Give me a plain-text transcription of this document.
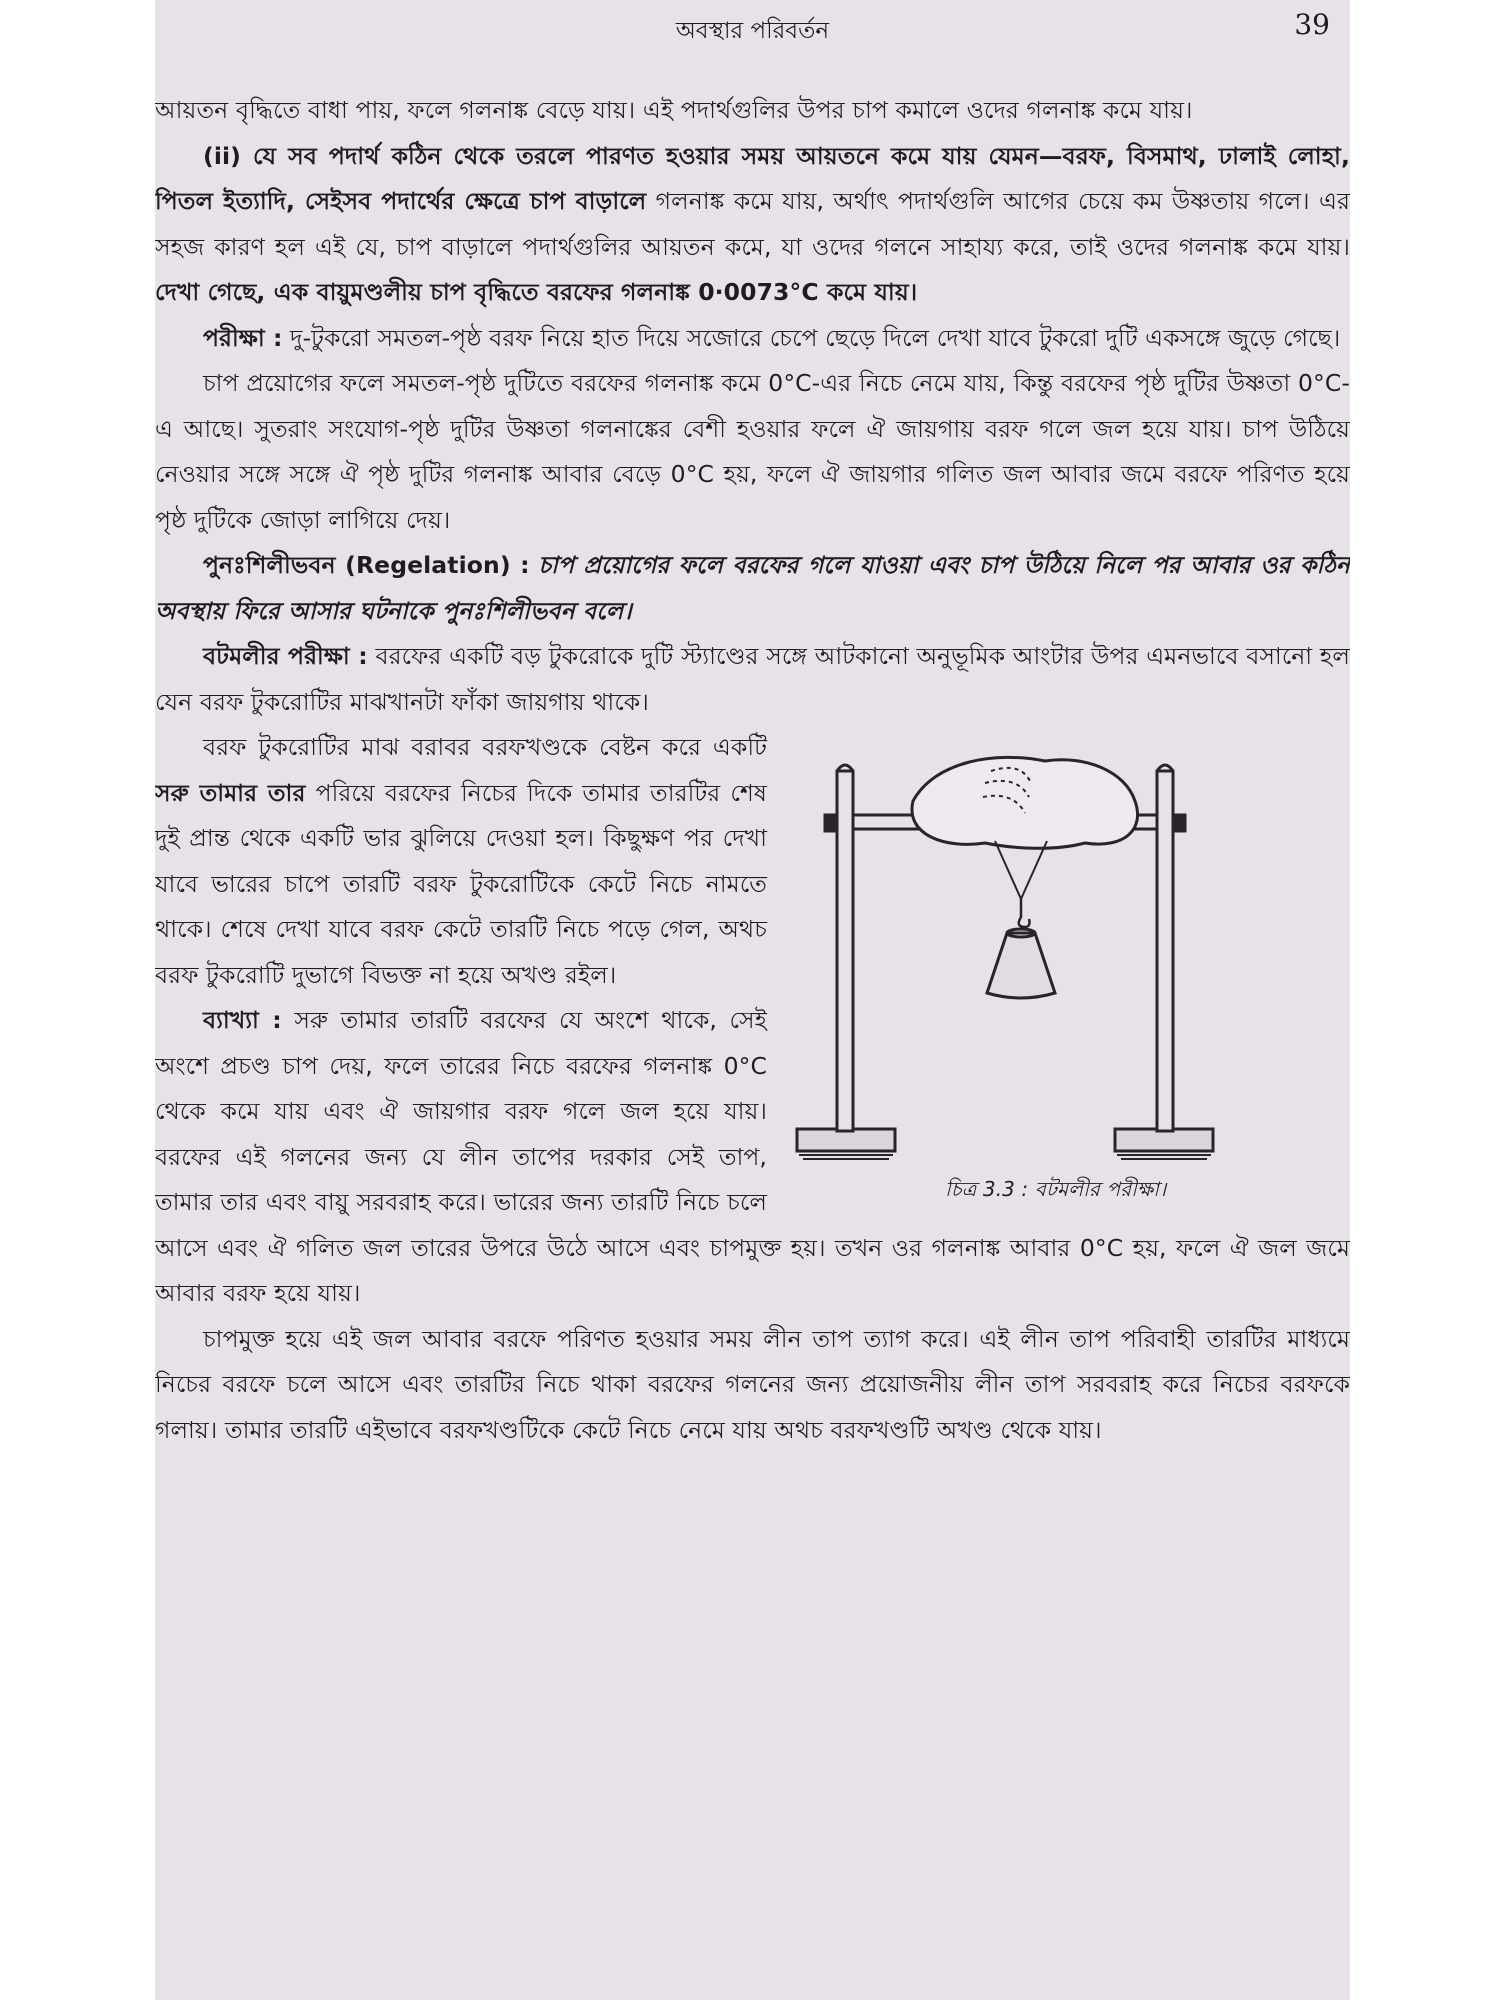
অবস্থার পরিবর্তন	39

আয়তন বৃদ্ধিতে বাধা পায়, ফলে গলনাঙ্ক বেড়ে যায়। এই পদার্থগুলির উপর চাপ কমালে ওদের গলনাঙ্ক কমে যায়।

(ii) যে সব পদার্থ কঠিন থেকে তরলে পারণত হওয়ার সময় আয়তনে কমে যায় যেমন—বরফ, বিসমাথ, ঢালাই লোহা, পিতল ইত্যাদি, সেইসব পদার্থের ক্ষেত্রে চাপ বাড়ালে গলনাঙ্ক কমে যায়, অর্থাৎ পদার্থগুলি আগের চেয়ে কম উষ্ণতায় গলে। এর সহজ কারণ হল এই যে, চাপ বাড়ালে পদার্থগুলির আয়তন কমে, যা ওদের গলনে সাহায্য করে, তাই ওদের গলনাঙ্ক কমে যায়। দেখা গেছে, এক বায়ুমণ্ডলীয় চাপ বৃদ্ধিতে বরফের গলনাঙ্ক 0·0073°C কমে যায়।

পরীক্ষা : দু-টুকরো সমতল-পৃষ্ঠ বরফ নিয়ে হাত দিয়ে সজোরে চেপে ছেড়ে দিলে দেখা যাবে টুকরো দুটি একসঙ্গে জুড়ে গেছে।

চাপ প্রয়োগের ফলে সমতল-পৃষ্ঠ দুটিতে বরফের গলনাঙ্ক কমে 0°C-এর নিচে নেমে যায়, কিন্তু বরফের পৃষ্ঠ দুটির উষ্ণতা 0°C-এ আছে। সুতরাং সংযোগ-পৃষ্ঠ দুটির উষ্ণতা গলনাঙ্কের বেশী হওয়ার ফলে ঐ জায়গায় বরফ গলে জল হয়ে যায়। চাপ উঠিয়ে নেওয়ার সঙ্গে সঙ্গে ঐ পৃষ্ঠ দুটির গলনাঙ্ক আবার বেড়ে 0°C হয়, ফলে ঐ জায়গার গলিত জল আবার জমে বরফে পরিণত হয়ে পৃষ্ঠ দুটিকে জোড়া লাগিয়ে দেয়।

পুনঃশিলীভবন (Regelation) : চাপ প্রয়োগের ফলে বরফের গলে যাওয়া এবং চাপ উঠিয়ে নিলে পর আবার ওর কঠিন অবস্থায় ফিরে আসার ঘটনাকে পুনঃশিলীভবন বলে।

বটমলীর পরীক্ষা : বরফের একটি বড় টুকরোকে দুটি স্ট্যাণ্ডের সঙ্গে আটকানো অনুভূমিক আংটার উপর এমনভাবে বসানো হল যেন বরফ টুকরোটির মাঝখানটা ফাঁকা জায়গায় থাকে।

চিত্র 3.3 : বটমলীর পরীক্ষা।

বরফ টুকরোটির মাঝ বরাবর বরফখণ্ডকে বেষ্টন করে একটি সরু তামার তার পরিয়ে বরফের নিচের দিকে তামার তারটির শেষ দুই প্রান্ত থেকে একটি ভার ঝুলিয়ে দেওয়া হল। কিছুক্ষণ পর দেখা যাবে ভারের চাপে তারটি বরফ টুকরোটিকে কেটে নিচে নামতে থাকে। শেষে দেখা যাবে বরফ কেটে তারটি নিচে পড়ে গেল, অথচ বরফ টুকরোটি দুভাগে বিভক্ত না হয়ে অখণ্ড রইল।

ব্যাখ্যা : সরু তামার তারটি বরফের যে অংশে থাকে, সেই অংশে প্রচণ্ড চাপ দেয়, ফলে তারের নিচে বরফের গলনাঙ্ক 0°C থেকে কমে যায় এবং ঐ জায়গার বরফ গলে জল হয়ে যায়। বরফের এই গলনের জন্য যে লীন তাপের দরকার সেই তাপ, তামার তার এবং বায়ু সরবরাহ করে। ভারের জন্য তারটি নিচে চলে আসে এবং ঐ গলিত জল তারের উপরে উঠে আসে এবং চাপমুক্ত হয়। তখন ওর গলনাঙ্ক আবার 0°C হয়, ফলে ঐ জল জমে আবার বরফ হয়ে যায়।

চাপমুক্ত হয়ে এই জল আবার বরফে পরিণত হওয়ার সময় লীন তাপ ত্যাগ করে। এই লীন তাপ পরিবাহী তারটির মাধ্যমে নিচের বরফে চলে আসে এবং তারটির নিচে থাকা বরফের গলনের জন্য প্রয়োজনীয় লীন তাপ সরবরাহ করে নিচের বরফকে গলায়। তামার তারটি এইভাবে বরফখণ্ডটিকে কেটে নিচে নেমে যায় অথচ বরফখণ্ডটি অখণ্ড থেকে যায়।
